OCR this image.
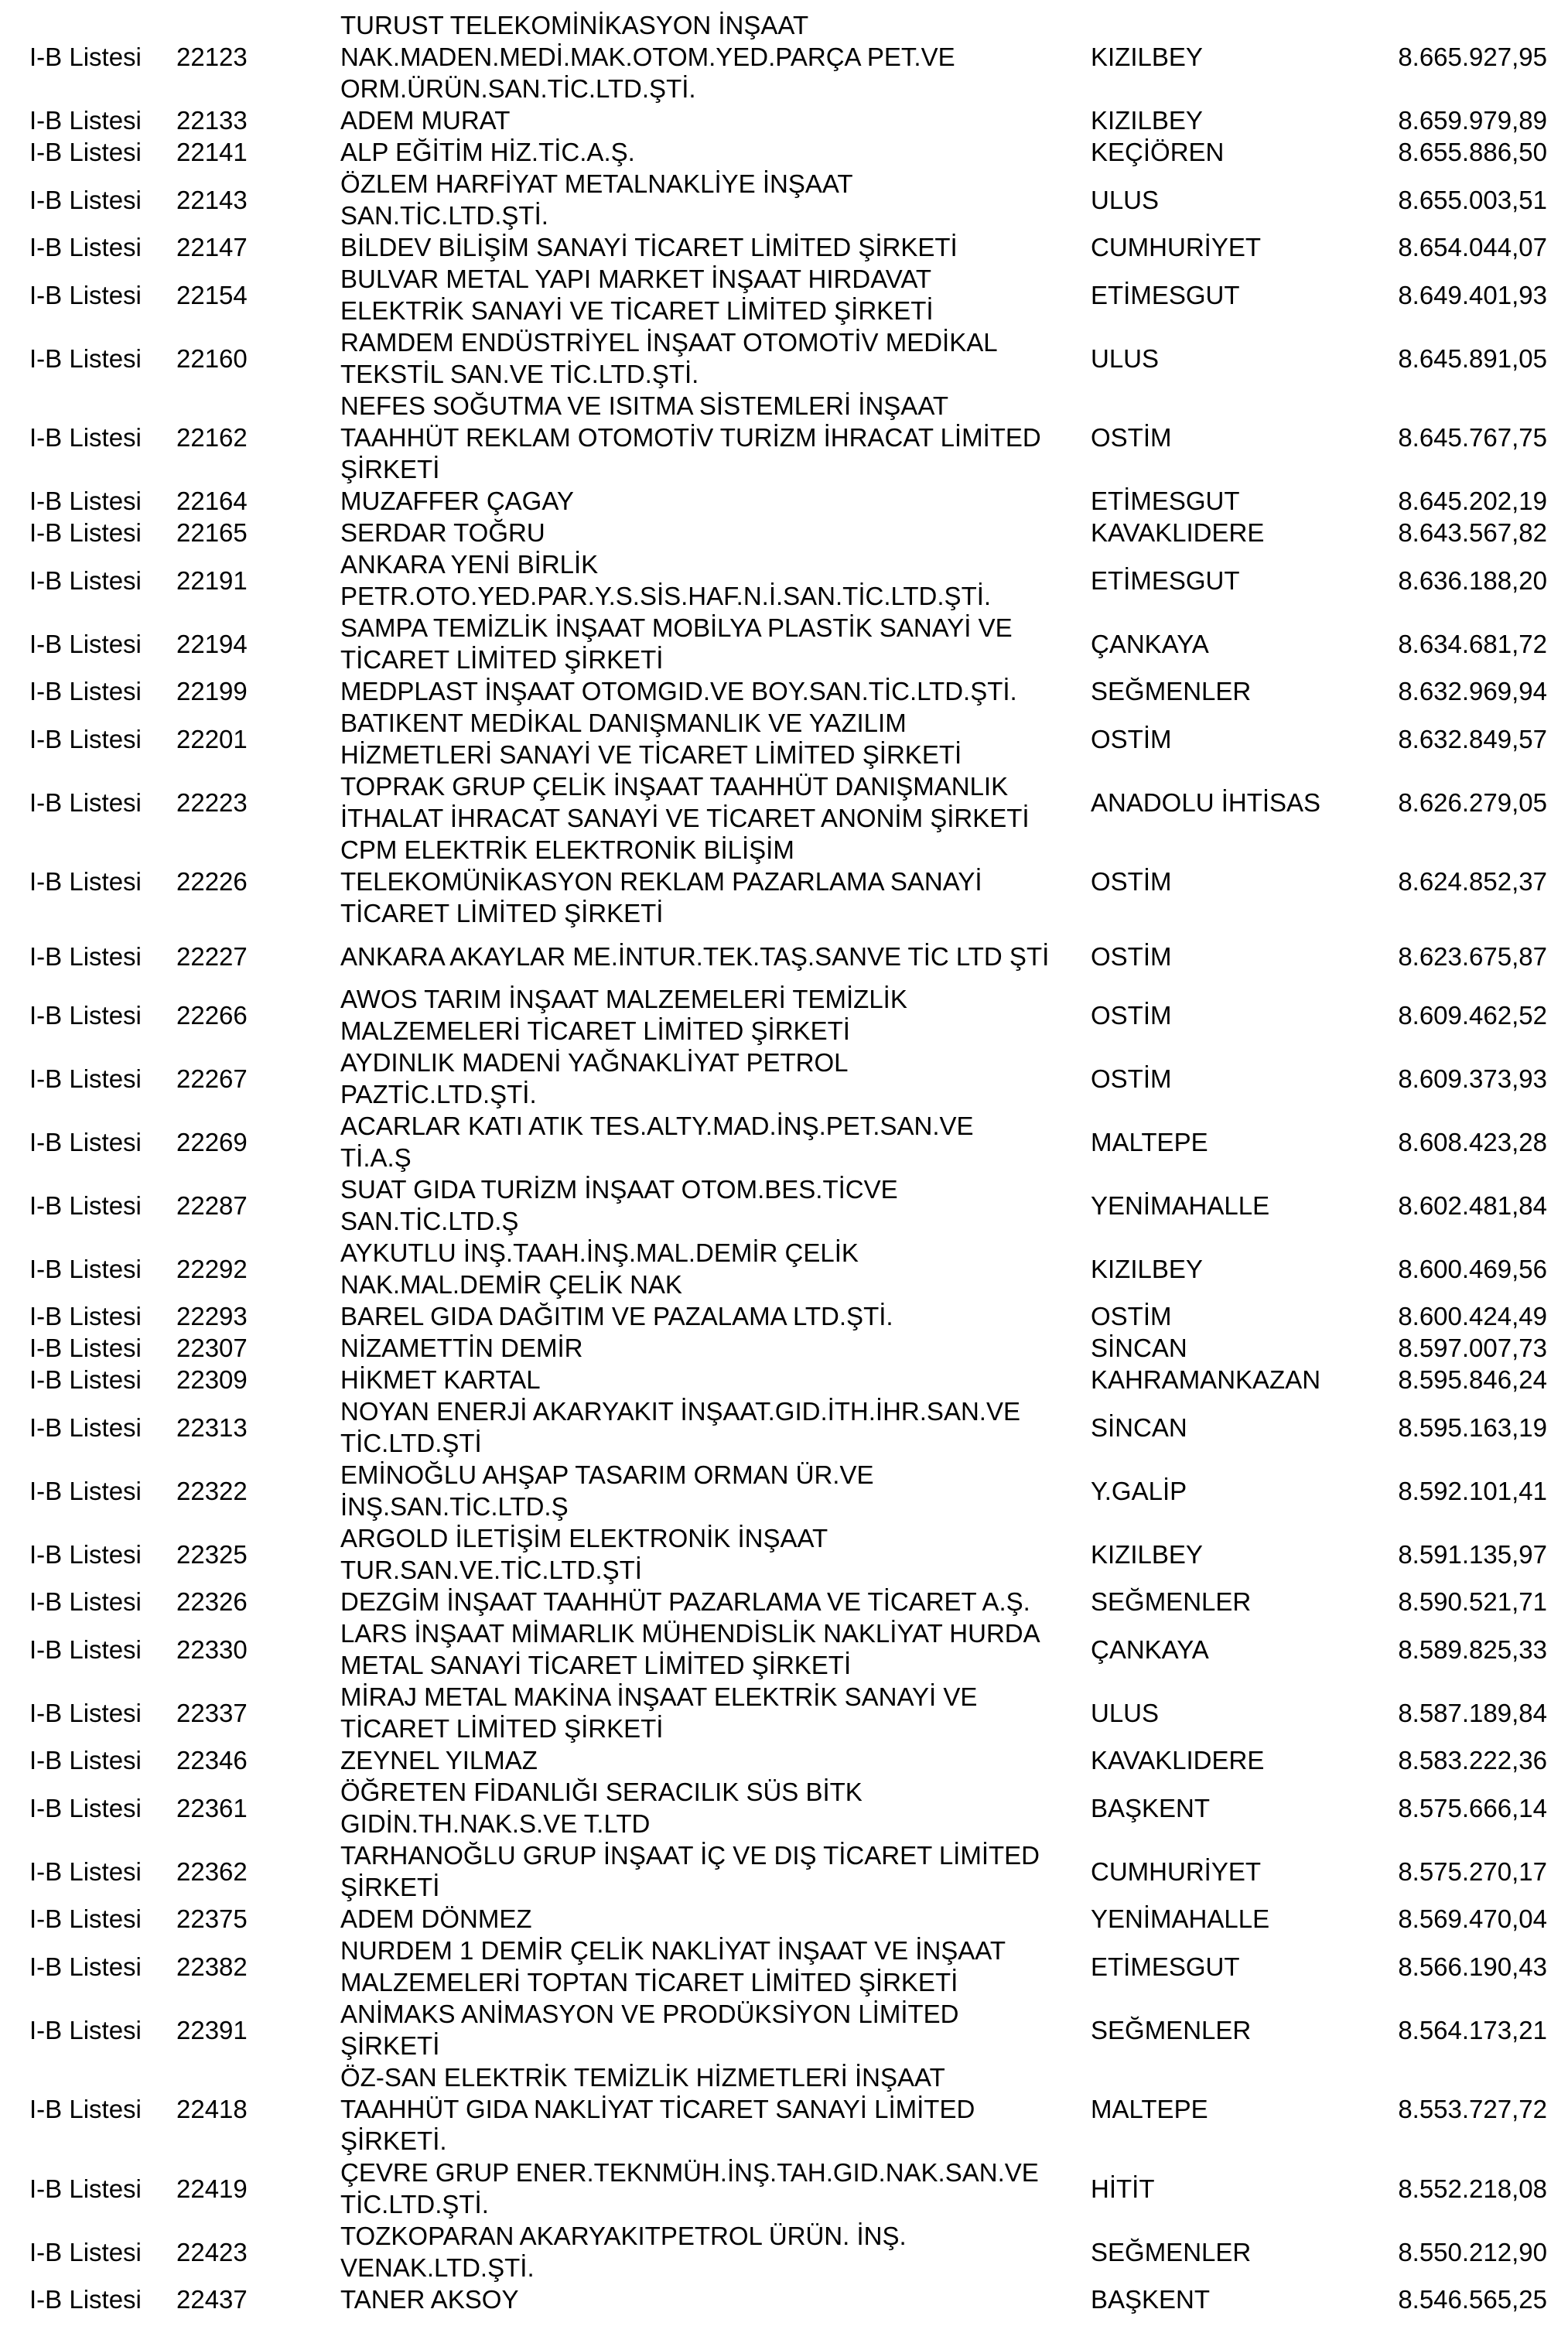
I-B Listesi	22123	TURUST TELEKOMİNİKASYON İNŞAAT
NAK.MADEN.MEDİ.MAK.OTOM.YED.PARÇA PET.VE
ORM.ÜRÜN.SAN.TİC.LTD.ŞTİ.	KIZILBEY	8.665.927,95
I-B Listesi	22133	ADEM MURAT	KIZILBEY	8.659.979,89
I-B Listesi	22141	ALP EĞİTİM HİZ.TİC.A.Ş.	KEÇİÖREN	8.655.886,50
I-B Listesi	22143	ÖZLEM HARFİYAT METALNAKLİYE İNŞAAT
SAN.TİC.LTD.ŞTİ.	ULUS	8.655.003,51
I-B Listesi	22147	BİLDEV BİLİŞİM SANAYİ TİCARET LİMİTED ŞİRKETİ	CUMHURİYET	8.654.044,07
I-B Listesi	22154	BULVAR METAL YAPI MARKET İNŞAAT HIRDAVAT
ELEKTRİK SANAYİ VE TİCARET LİMİTED ŞİRKETİ	ETİMESGUT	8.649.401,93
I-B Listesi	22160	RAMDEM ENDÜSTRİYEL İNŞAAT OTOMOTİV MEDİKAL
TEKSTİL SAN.VE TİC.LTD.ŞTİ.	ULUS	8.645.891,05
I-B Listesi	22162	NEFES SOĞUTMA VE ISITMA SİSTEMLERİ İNŞAAT
TAAHHÜT REKLAM OTOMOTİV TURİZM İHRACAT LİMİTED
ŞİRKETİ	OSTİM	8.645.767,75
I-B Listesi	22164	MUZAFFER ÇAGAY	ETİMESGUT	8.645.202,19
I-B Listesi	22165	SERDAR TOĞRU	KAVAKLIDERE	8.643.567,82
I-B Listesi	22191	ANKARA YENİ BİRLİK
PETR.OTO.YED.PAR.Y.S.SİS.HAF.N.İ.SAN.TİC.LTD.ŞTİ.	ETİMESGUT	8.636.188,20
I-B Listesi	22194	SAMPA TEMİZLİK İNŞAAT MOBİLYA PLASTİK SANAYİ VE
TİCARET LİMİTED ŞİRKETİ	ÇANKAYA	8.634.681,72
I-B Listesi	22199	MEDPLAST İNŞAAT OTOMGID.VE BOY.SAN.TİC.LTD.ŞTİ.	SEĞMENLER	8.632.969,94
I-B Listesi	22201	BATIKENT MEDİKAL DANIŞMANLIK VE YAZILIM
HİZMETLERİ SANAYİ VE TİCARET LİMİTED ŞİRKETİ	OSTİM	8.632.849,57
I-B Listesi	22223	TOPRAK GRUP ÇELİK İNŞAAT TAAHHÜT DANIŞMANLIK
İTHALAT İHRACAT SANAYİ VE TİCARET ANONİM ŞİRKETİ	ANADOLU İHTİSAS	8.626.279,05
I-B Listesi	22226	CPM ELEKTRİK ELEKTRONİK BİLİŞİM
TELEKOMÜNİKASYON REKLAM PAZARLAMA SANAYİ
TİCARET LİMİTED ŞİRKETİ	OSTİM	8.624.852,37
I-B Listesi	22227	ANKARA AKAYLAR ME.İNTUR.TEK.TAŞ.SANVE TİC LTD ŞTİ	OSTİM	8.623.675,87
I-B Listesi	22266	AWOS TARIM İNŞAAT MALZEMELERİ TEMİZLİK
MALZEMELERİ TİCARET LİMİTED ŞİRKETİ	OSTİM	8.609.462,52
I-B Listesi	22267	AYDINLIK MADENİ YAĞNAKLİYAT PETROL
PAZTİC.LTD.ŞTİ.	OSTİM	8.609.373,93
I-B Listesi	22269	ACARLAR KATI ATIK TES.ALTY.MAD.İNŞ.PET.SAN.VE
Tİ.A.Ş	MALTEPE	8.608.423,28
I-B Listesi	22287	SUAT GIDA TURİZM İNŞAAT OTOM.BES.TİCVE
SAN.TİC.LTD.Ş	YENİMAHALLE	8.602.481,84
I-B Listesi	22292	AYKUTLU İNŞ.TAAH.İNŞ.MAL.DEMİR ÇELİK
NAK.MAL.DEMİR ÇELİK NAK	KIZILBEY	8.600.469,56
I-B Listesi	22293	BAREL GIDA DAĞITIM VE PAZALAMA LTD.ŞTİ.	OSTİM	8.600.424,49
I-B Listesi	22307	NİZAMETTİN DEMİR	SİNCAN	8.597.007,73
I-B Listesi	22309	HİKMET KARTAL	KAHRAMANKAZAN	8.595.846,24
I-B Listesi	22313	NOYAN ENERJİ AKARYAKIT İNŞAAT.GID.İTH.İHR.SAN.VE
TİC.LTD.ŞTİ	SİNCAN	8.595.163,19
I-B Listesi	22322	EMİNOĞLU AHŞAP TASARIM ORMAN ÜR.VE
İNŞ.SAN.TİC.LTD.Ş	Y.GALİP	8.592.101,41
I-B Listesi	22325	ARGOLD İLETİŞİM ELEKTRONİK İNŞAAT
TUR.SAN.VE.TİC.LTD.ŞTİ	KIZILBEY	8.591.135,97
I-B Listesi	22326	DEZGİM İNŞAAT TAAHHÜT PAZARLAMA VE TİCARET A.Ş.	SEĞMENLER	8.590.521,71
I-B Listesi	22330	LARS İNŞAAT MİMARLIK MÜHENDİSLİK NAKLİYAT HURDA
METAL SANAYİ TİCARET LİMİTED ŞİRKETİ	ÇANKAYA	8.589.825,33
I-B Listesi	22337	MİRAJ METAL MAKİNA İNŞAAT ELEKTRİK SANAYİ VE
TİCARET LİMİTED ŞİRKETİ	ULUS	8.587.189,84
I-B Listesi	22346	ZEYNEL YILMAZ	KAVAKLIDERE	8.583.222,36
I-B Listesi	22361	ÖĞRETEN FİDANLIĞI SERACILIK SÜS BİTK
GIDİN.TH.NAK.S.VE T.LTD	BAŞKENT	8.575.666,14
I-B Listesi	22362	TARHANOĞLU GRUP İNŞAAT İÇ VE DIŞ TİCARET LİMİTED
ŞİRKETİ	CUMHURİYET	8.575.270,17
I-B Listesi	22375	ADEM DÖNMEZ	YENİMAHALLE	8.569.470,04
I-B Listesi	22382	NURDEM 1 DEMİR ÇELİK NAKLİYAT İNŞAAT VE İNŞAAT
MALZEMELERİ TOPTAN TİCARET LİMİTED ŞİRKETİ	ETİMESGUT	8.566.190,43
I-B Listesi	22391	ANİMAKS ANİMASYON VE PRODÜKSİYON LİMİTED
ŞİRKETİ	SEĞMENLER	8.564.173,21
I-B Listesi	22418	ÖZ-SAN ELEKTRİK TEMİZLİK HİZMETLERİ İNŞAAT
TAAHHÜT GIDA NAKLİYAT TİCARET SANAYİ LİMİTED
ŞİRKETİ.	MALTEPE	8.553.727,72
I-B Listesi	22419	ÇEVRE GRUP ENER.TEKNMÜH.İNŞ.TAH.GID.NAK.SAN.VE
TİC.LTD.ŞTİ.	HİTİT	8.552.218,08
I-B Listesi	22423	TOZKOPARAN AKARYAKITPETROL ÜRÜN. İNŞ.
VENAK.LTD.ŞTİ.	SEĞMENLER	8.550.212,90
I-B Listesi	22437	TANER AKSOY	BAŞKENT	8.546.565,25
